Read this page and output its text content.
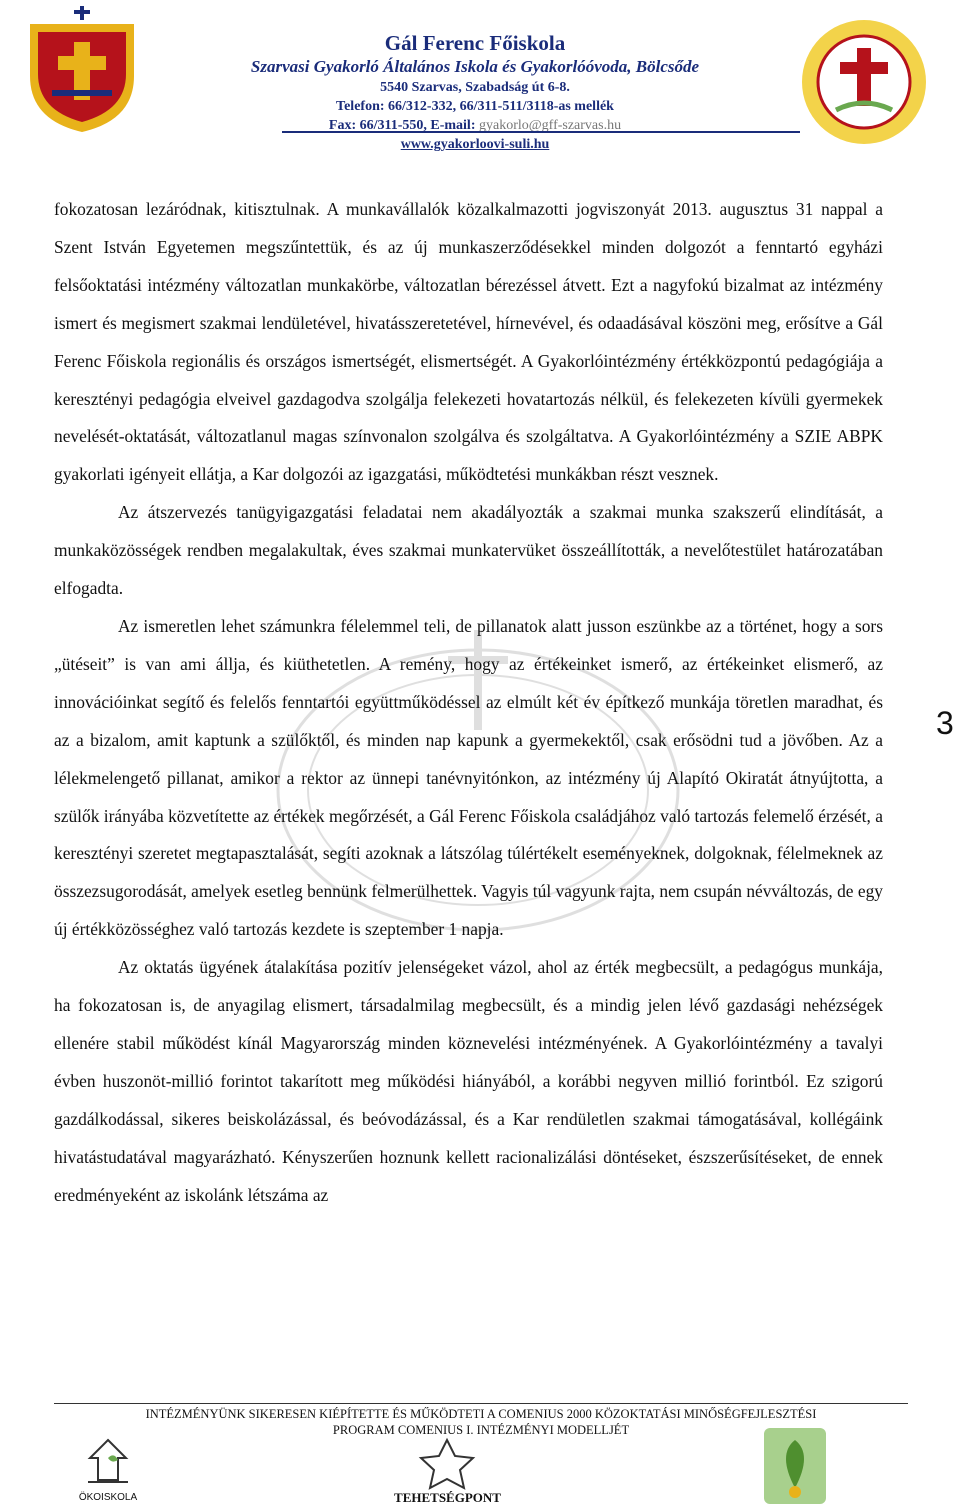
Gál Ferenc Főiskola
Szarvasi Gyakorló Általános Iskola és Gyakorlóóvoda, Bölcsőde
5540 Szarvas, Szabadság út 6-8.
Telefon: 66/312-332, 66/311-511/3118-as mellék
Fax: 66/311-550, E-mail: gyakorlo@gff-szarvas.hu
www.gyakorloovi-suli.hu

fokozatosan lezáródnak, kitisztulnak. A munkavállalók közalkalmazotti jogviszonyát 2013. augusztus 31 nappal a Szent István Egyetemen megszűntettük, és az új munkaszerződésekkel minden dolgozót a fenntartó egyházi felsőoktatási intézmény változatlan munkakörbe, változatlan bérezéssel átvett. Ezt a nagyfokú bizalmat az intézmény ismert és megismert szakmai lendületével, hivatásszeretetével, hírnevével, és odaadásával köszöni meg, erősítve a Gál Ferenc Főiskola regionális és országos ismertségét, elismertségét. A Gyakorlóintézmény értékközpontú pedagógiája a keresztényi pedagógia elveivel gazdagodva szolgálja felekezeti hovatartozás nélkül, és felekezeten kívüli gyermekek nevelését-oktatását, változatlanul magas színvonalon szolgálva és szolgáltatva. A Gyakorlóintézmény a SZIE ABPK gyakorlati igényeit ellátja, a Kar dolgozói az igazgatási, működtetési munkákban részt vesznek.

Az átszervezés tanügyigazgatási feladatai nem akadályozták a szakmai munka szakszerű elindítását, a munkaközösségek rendben megalakultak, éves szakmai munkatervüket összeállították, a nevelőtestület határozatában elfogadta.

Az ismeretlen lehet számunkra félelemmel teli, de pillanatok alatt jusson eszünkbe az a történet, hogy a sors „ütéseit” is van ami állja, és kiüthetetlen. A remény, hogy az értékeinket ismerő, az értékeinket elismerő, az innovációinkat segítő és felelős fenntartói együttműködéssel az elmúlt két év építkező munkája töretlen maradhat, és az a bizalom, amit kaptunk a szülőktől, és minden nap kapunk a gyermekektől, csak erősödni tud a jövőben. Az a lélekmelengető pillanat, amikor a rektor az ünnepi tanévnyitónkon, az intézmény új Alapító Okiratát átnyújtotta, a szülők irányába közvetítette az értékek megőrzését, a Gál Ferenc Főiskola családjához való tartozás felemelő érzését, a keresztényi szeretet megtapasztalását, segíti azoknak a látszólag túlértékelt eseményeknek, dolgoknak, félelmeknek az összezsugorodását, amelyek esetleg bennünk felmerülhettek. Vagyis túl vagyunk rajta, nem csupán névváltozás, de egy új értékközösséghez való tartozás kezdete is szeptember 1 napja.

Az oktatás ügyének átalakítása pozitív jelenségeket vázol, ahol az érték megbecsült, a pedagógus munkája, ha fokozatosan is, de anyagilag elismert, társadalmilag megbecsült, és a mindig jelen lévő gazdasági nehézségek ellenére stabil működést kínál Magyarország minden köznevelési intézményének. A Gyakorlóintézmény a tavalyi évben huszonöt-millió forintot takarított meg működési hiányából, a korábbi negyven millió forintból. Ez szigorú gazdálkodással, sikeres beiskolázással, és beóvodázással, és a Kar rendületlen szakmai támogatásával, kollégáink hivatástudatával magyarázható. Kényszerűen hoznunk kellett racionalizálási döntéseket, észszerűsítéseket, de ennek eredményeként az iskolánk létszáma az

3
INTÉZMÉNYÜNK SIKERESEN KIÉPÍTETTE ÉS MŰKÖDTETI A COMENIUS 2000 KÖZOKTATÁSI MINŐSÉGFEJLESZTÉSI
PROGRAM COMENIUS I. INTÉZMÉNYI MODELLJÉT
ÖKOISKOLA	TEHETSÉGPONT
